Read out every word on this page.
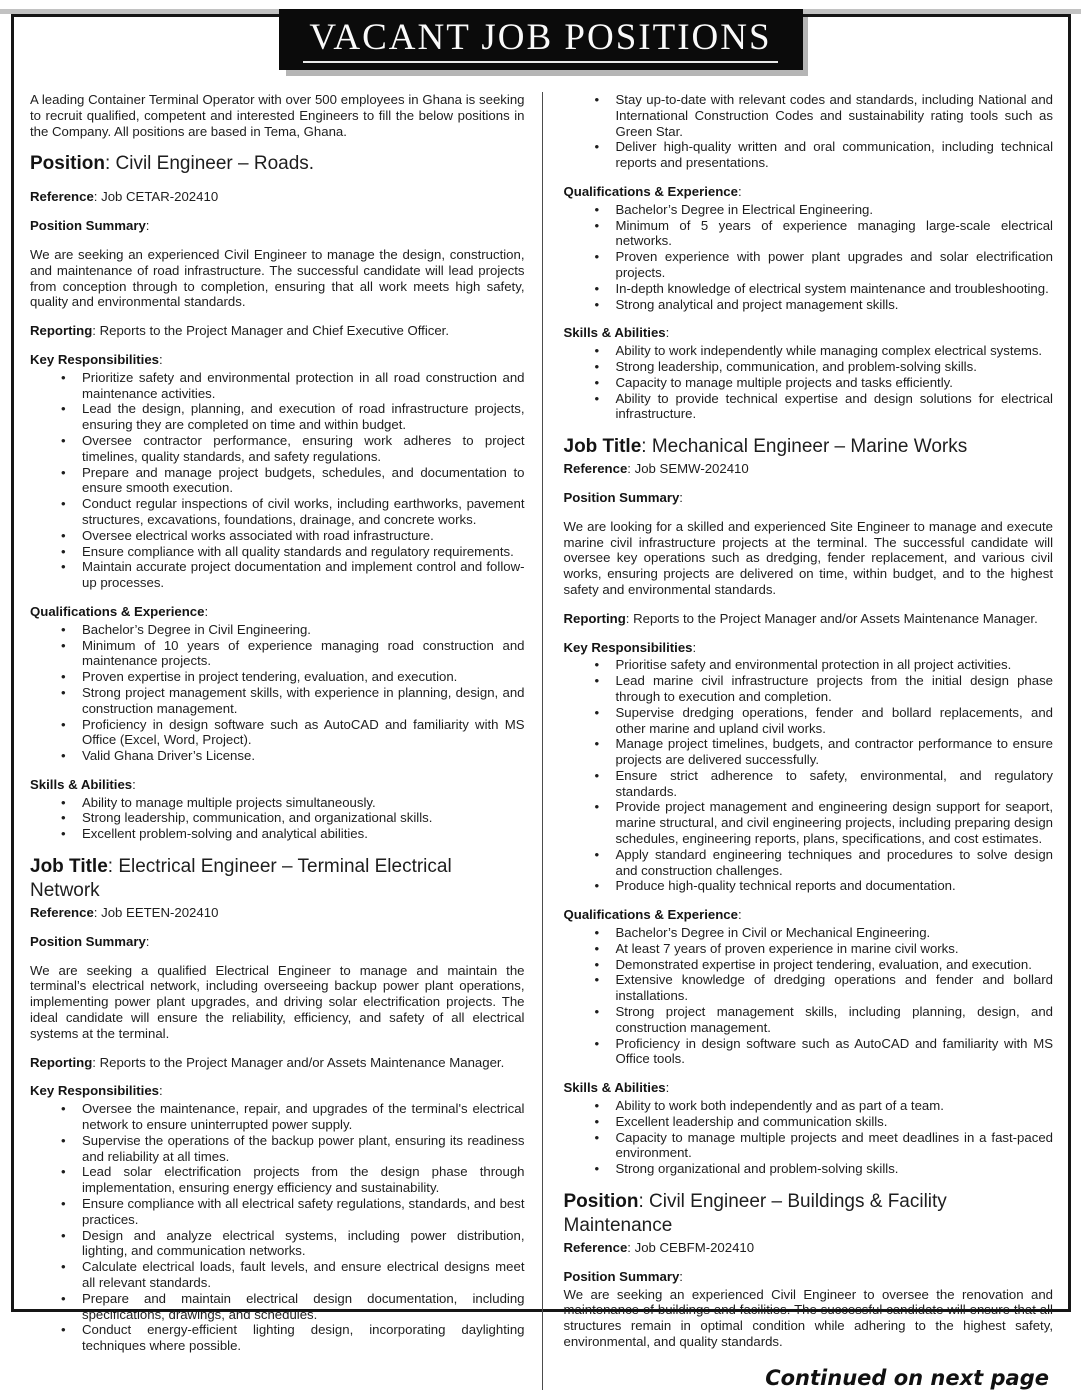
VACANT JOB POSITIONS

A leading Container Terminal Operator with over 500 employees in Ghana is seeking to recruit qualified, competent and interested Engineers to fill the below positions in the Company. All positions are based in Tema, Ghana.

Position: Civil Engineer – Roads.

Reference: Job CETAR-202410

Position Summary:

We are seeking an experienced Civil Engineer to manage the design, construction, and maintenance of road infrastructure. The successful candidate will lead projects from conception through to completion, ensuring that all work meets high safety, quality and environmental standards.

Reporting: Reports to the Project Manager and Chief Executive Officer.

Key Responsibilities:

• Prioritize safety and environmental protection in all road construction and maintenance activities.
• Lead the design, planning, and execution of road infrastructure projects, ensuring they are completed on time and within budget.
• Oversee contractor performance, ensuring work adheres to project timelines, quality standards, and safety regulations.
• Prepare and manage project budgets, schedules, and documentation to ensure smooth execution.
• Conduct regular inspections of civil works, including earthworks, pavement structures, excavations, foundations, drainage, and concrete works.
• Oversee electrical works associated with road infrastructure.
• Ensure compliance with all quality standards and regulatory requirements.
• Maintain accurate project documentation and implement control and follow-up processes.

Qualifications & Experience:

• Bachelor’s Degree in Civil Engineering.
• Minimum of 10 years of experience managing road construction and maintenance projects.
• Proven expertise in project tendering, evaluation, and execution.
• Strong project management skills, with experience in planning, design, and construction management.
• Proficiency in design software such as AutoCAD and familiarity with MS Office (Excel, Word, Project).
• Valid Ghana Driver’s License.

Skills & Abilities:

• Ability to manage multiple projects simultaneously.
• Strong leadership, communication, and organizational skills.
• Excellent problem-solving and analytical abilities.

Job Title: Electrical Engineer – Terminal Electrical Network

Reference: Job EETEN-202410

Position Summary:

We are seeking a qualified Electrical Engineer to manage and maintain the terminal’s electrical network, including overseeing backup power plant operations, implementing power plant upgrades, and driving solar electrification projects. The ideal candidate will ensure the reliability, efficiency, and safety of all electrical systems at the terminal.

Reporting: Reports to the Project Manager and/or Assets Maintenance Manager.

Key Responsibilities:

• Oversee the maintenance, repair, and upgrades of the terminal's electrical network to ensure uninterrupted power supply.
• Supervise the operations of the backup power plant, ensuring its readiness and reliability at all times.
• Lead solar electrification projects from the design phase through implementation, ensuring energy efficiency and sustainability.
• Ensure compliance with all electrical safety regulations, standards, and best practices.
• Design and analyze electrical systems, including power distribution, lighting, and communication networks.
• Calculate electrical loads, fault levels, and ensure electrical designs meet all relevant standards.
• Prepare and maintain electrical design documentation, including specifications, drawings, and schedules.
• Conduct energy-efficient lighting design, incorporating daylighting techniques where possible.
• Stay up-to-date with relevant codes and standards, including National and International Construction Codes and sustainability rating tools such as Green Star.
• Deliver high-quality written and oral communication, including technical reports and presentations.

Qualifications & Experience:

• Bachelor’s Degree in Electrical Engineering.
• Minimum of 5 years of experience managing large-scale electrical networks.
• Proven experience with power plant upgrades and solar electrification projects.
• In-depth knowledge of electrical system maintenance and troubleshooting.
• Strong analytical and project management skills.

Skills & Abilities:

• Ability to work independently while managing complex electrical systems.
• Strong leadership, communication, and problem-solving skills.
• Capacity to manage multiple projects and tasks efficiently.
• Ability to provide technical expertise and design solutions for electrical infrastructure.

Job Title: Mechanical Engineer – Marine Works

Reference: Job SEMW-202410

Position Summary:

We are looking for a skilled and experienced Site Engineer to manage and execute marine civil infrastructure projects at the terminal. The successful candidate will oversee key operations such as dredging, fender replacement, and various civil works, ensuring projects are delivered on time, within budget, and to the highest safety and environmental standards.

Reporting: Reports to the Project Manager and/or Assets Maintenance Manager.

Key Responsibilities:

• Prioritise safety and environmental protection in all project activities.
• Lead marine civil infrastructure projects from the initial design phase through to execution and completion.
• Supervise dredging operations, fender and bollard replacements, and other marine and upland civil works.
• Manage project timelines, budgets, and contractor performance to ensure projects are delivered successfully.
• Ensure strict adherence to safety, environmental, and regulatory standards.
• Provide project management and engineering design support for seaport, marine structural, and civil engineering projects, including preparing design schedules, engineering reports, plans, specifications, and cost estimates.
• Apply standard engineering techniques and procedures to solve design and construction challenges.
• Produce high-quality technical reports and documentation.

Qualifications & Experience:

• Bachelor’s Degree in Civil or Mechanical Engineering.
• At least 7 years of proven experience in marine civil works.
• Demonstrated expertise in project tendering, evaluation, and execution.
• Extensive knowledge of dredging operations and fender and bollard installations.
• Strong project management skills, including planning, design, and construction management.
• Proficiency in design software such as AutoCAD and familiarity with MS Office tools.

Skills & Abilities:

• Ability to work both independently and as part of a team.
• Excellent leadership and communication skills.
• Capacity to manage multiple projects and meet deadlines in a fast-paced environment.
• Strong organizational and problem-solving skills.

Position: Civil Engineer – Buildings & Facility Maintenance

Reference: Job CEBFM-202410

Position Summary:

We are seeking an experienced Civil Engineer to oversee the renovation and maintenance of buildings and facilities. The successful candidate will ensure that all structures remain in optimal condition while adhering to the highest safety, environmental, and quality standards.

Continued on next page
